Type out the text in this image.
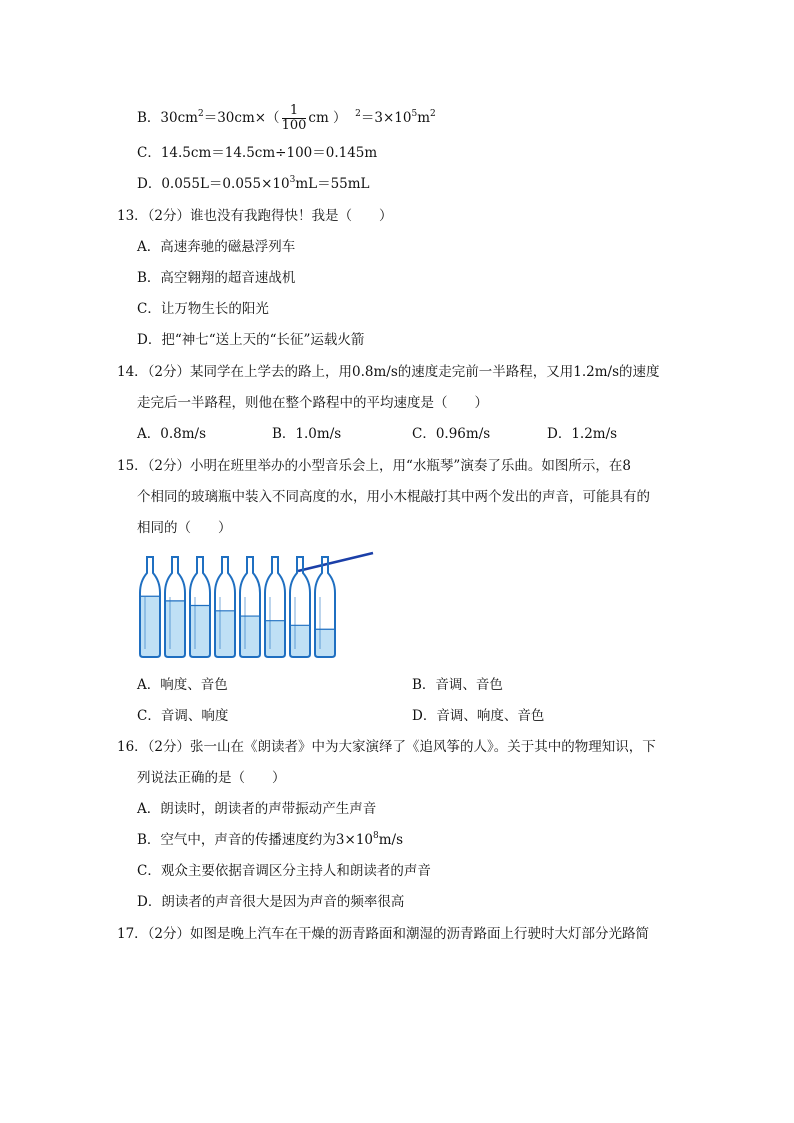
B．$30cm^2=30cm\times( \frac{1}{100}$ cm ） $^2=3\times 10^5m^2$
C．14.5cm＝14.5cm÷100＝0.145m
D．$0.055L=0.055\times 10^3mL=55mL$
13．（2分）谁也没有我跑得快！我是（　　）
A．高速奔驰的磁悬浮列车
B．高空翱翔的超音速战机
C．让万物生长的阳光
D．把“神七“送上天的“长征”运载火箭
14．（2分）某同学在上学去的路上，用0.8m/s的速度走完前一半路程，又用1.2m/s的速度
走完后一半路程，则他在整个路程中的平均速度是（　　）
A．0.8m/s	B．1.0m/s	C．0.96m/s	D．1.2m/s
15．（2分）小明在班里举办的小型音乐会上，用“水瓶琴”演奏了乐曲。如图所示，在8
个相同的玻璃瓶中装入不同高度的水，用小木棍敲打其中两个发出的声音，可能具有的
相同的（　　）
A．响度、音色	B．音调、音色
C．音调、响度	D．音调、响度、音色
16．（2分）张一山在《朗读者》中为大家演绎了《追风筝的人》。关于其中的物理知识，下
列说法正确的是（　　）
A．朗读时，朗读者的声带振动产生声音
B．空气中，声音的传播速度约为$3\times 10^8m/s$
C．观众主要依据音调区分主持人和朗读者的声音
D．朗读者的声音很大是因为声音的频率很高
17．（2分）如图是晚上汽车在干燥的沥青路面和潮湿的沥青路面上行驶时大灯部分光路简
